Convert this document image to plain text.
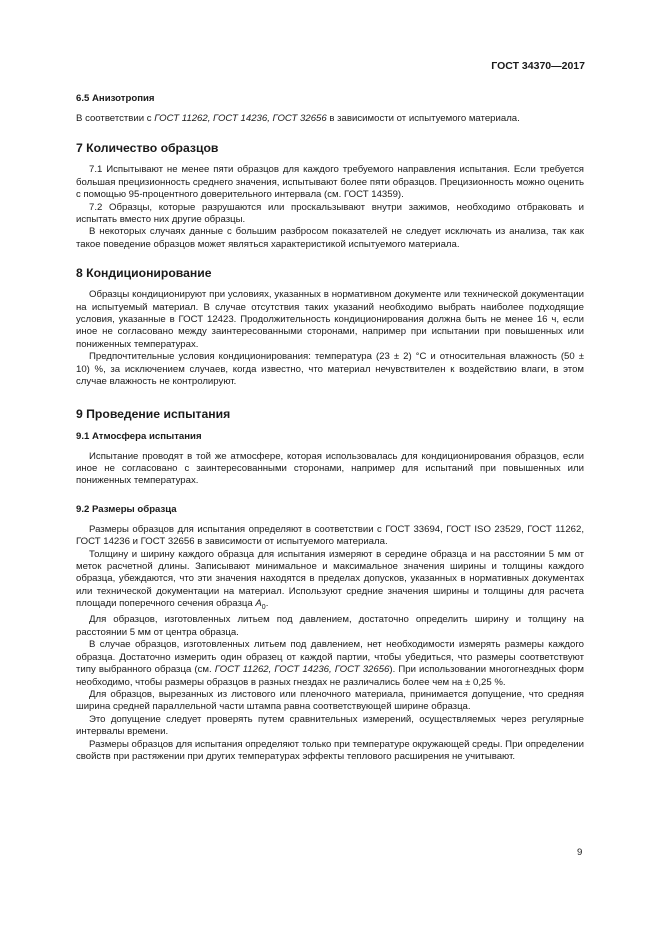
ГОСТ 34370—2017
6.5 Анизотропия

В соответствии с ГОСТ 11262, ГОСТ 14236, ГОСТ 32656 в зависимости от испытуемого материала.

7 Количество образцов

7.1 Испытывают не менее пяти образцов для каждого требуемого направления испытания. Если требуется большая прецизионность среднего значения, испытывают более пяти образцов. Прецизионность можно оценить с помощью 95-процентного доверительного интервала (см. ГОСТ 14359).

7.2 Образцы, которые разрушаются или проскальзывают внутри зажимов, необходимо отбраковать и испытать вместо них другие образцы.

В некоторых случаях данные с большим разбросом показателей не следует исключать из анализа, так как такое поведение образцов может являться характеристикой испытуемого материала.

8 Кондиционирование

Образцы кондиционируют при условиях, указанных в нормативном документе или технической документации на испытуемый материал. В случае отсутствия таких указаний необходимо выбрать наиболее подходящие условия, указанные в ГОСТ 12423. Продолжительность кондиционирования должна быть не менее 16 ч, если иное не согласовано между заинтересованными сторонами, например при испытании при повышенных или пониженных температурах.

Предпочтительные условия кондиционирования: температура (23 ± 2) °С и относительная влажность (50 ± 10) %, за исключением случаев, когда известно, что материал нечувствителен к воздействию влаги, в этом случае влажность не контролируют.

9 Проведение испытания
9.1 Атмосфера испытания

Испытание проводят в той же атмосфере, которая использовалась для кондиционирования образцов, если иное не согласовано с заинтересованными сторонами, например для испытаний при повышенных или пониженных температурах.

9.2 Размеры образца

Размеры образцов для испытания определяют в соответствии с ГОСТ 33694, ГОСТ ISO 23529, ГОСТ 11262, ГОСТ 14236 и ГОСТ 32656 в зависимости от испытуемого материала.

Толщину и ширину каждого образца для испытания измеряют в середине образца и на расстоянии 5 мм от меток расчетной длины. Записывают минимальное и максимальное значения ширины и толщины каждого образца, убеждаются, что эти значения находятся в пределах допусков, указанных в нормативных документах или технической документации на материал. Используют средние значения ширины и толщины для расчета площади поперечного сечения образца $A_0$.

Для образцов, изготовленных литьем под давлением, достаточно определить ширину и толщину на расстоянии 5 мм от центра образца.

В случае образцов, изготовленных литьем под давлением, нет необходимости измерять размеры каждого образца. Достаточно измерить один образец от каждой партии, чтобы убедиться, что размеры соответствуют типу выбранного образца (см. ГОСТ 11262, ГОСТ 14236, ГОСТ 32656). При использовании многогнездных форм необходимо, чтобы размеры образцов в разных гнездах не различались более чем на ± 0,25 %.

Для образцов, вырезанных из листового или пленочного материала, принимается допущение, что средняя ширина средней параллельной части штампа равна соответствующей ширине образца.

Это допущение следует проверять путем сравнительных измерений, осуществляемых через регулярные интервалы времени.

Размеры образцов для испытания определяют только при температуре окружающей среды. При определении свойств при растяжении при других температурах эффекты теплового расширения не учитывают.

9
